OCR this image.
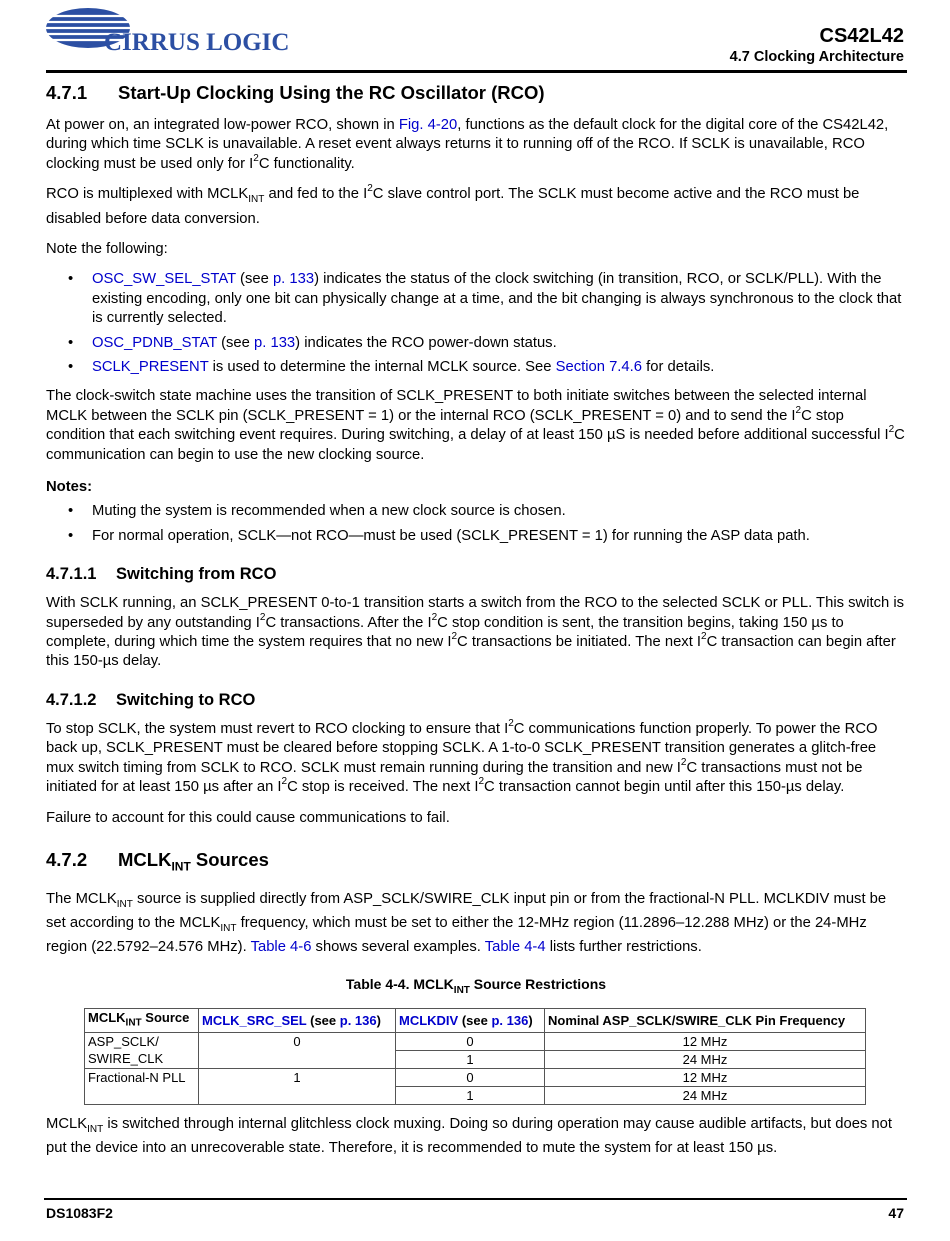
CIRRUS LOGIC	CS42L42
4.7 Clocking Architecture
4.7.1 Start-Up Clocking Using the RC Oscillator (RCO)

At power on, an integrated low-power RCO, shown in Fig. 4-20, functions as the default clock for the digital core of the CS42L42, during which time SCLK is unavailable. A reset event always returns it to running off of the RCO. If SCLK is unavailable, RCO clocking must be used only for $I^2C$ functionality.

RCO is multiplexed with $MCLK_{INT}$ and fed to the $I^2C$ slave control port. The SCLK must become active and the RCO must be disabled before data conversion.

Note the following:

• OSC_SW_SEL_STAT (see p. 133) indicates the status of the clock switching (in transition, RCO, or SCLK/PLL). With the existing encoding, only one bit can physically change at a time, and the bit changing is always synchronous to the clock that is currently selected.
• OSC_PDNB_STAT (see p. 133) indicates the RCO power-down status.
• SCLK_PRESENT is used to determine the internal MCLK source. See Section 7.4.6 for details.

The clock-switch state machine uses the transition of SCLK_PRESENT to both initiate switches between the selected internal MCLK between the SCLK pin (SCLK_PRESENT = 1) or the internal RCO (SCLK_PRESENT = 0) and to send the $I^2C$ stop condition that each switching event requires. During switching, a delay of at least 150 µS is needed before additional successful $I^2C$ communication can begin to use the new clocking source.

Notes:

• Muting the system is recommended when a new clock source is chosen.
• For normal operation, SCLK—not RCO—must be used (SCLK_PRESENT = 1) for running the ASP data path.
4.7.1.1 Switching from RCO

With SCLK running, an SCLK_PRESENT 0-to-1 transition starts a switch from the RCO to the selected SCLK or PLL. This switch is superseded by any outstanding $I^2C$ transactions. After the $I^2C$ stop condition is sent, the transition begins, taking 150 µs to complete, during which time the system requires that no new $I^2C$ transactions be initiated. The next $I^2C$ transaction can begin after this 150-µs delay.

4.7.1.2 Switching to RCO

To stop SCLK, the system must revert to RCO clocking to ensure that $I^2C$ communications function properly. To power the RCO back up, SCLK_PRESENT must be cleared before stopping SCLK. A 1-to-0 SCLK_PRESENT transition generates a glitch-free mux switch timing from SCLK to RCO. SCLK must remain running during the transition and new $I^2C$ transactions must not be initiated for at least 150 µs after an $I^2C$ stop is received. The next $I^2C$ transaction cannot begin until after this 150-µs delay.

Failure to account for this could cause communications to fail.

4.7.2 $MCLK_{INT}$ Sources

The $MCLK_{INT}$ source is supplied directly from ASP_SCLK/SWIRE_CLK input pin or from the fractional-N PLL. MCLKDIV must be set according to the $MCLK_{INT}$ frequency, which must be set to either the 12-MHz region (11.2896–12.288 MHz) or the 24-MHz region (22.5792–24.576 MHz). Table 4-6 shows several examples. Table 4-4 lists further restrictions.

Table 4-4. $MCLK_{INT}$ Source Restrictions

$MCLK_{INT}$ Source	MCLK_SRC_SEL (see p. 136)	MCLKDIV (see p. 136)	Nominal ASP_SCLK/SWIRE_CLK Pin Frequency
ASP_SCLK/
SWIRE_CLK	0	0	12 MHz
		1	24 MHz
Fractional-N PLL	1	0	12 MHz
		1	24 MHz

$MCLK_{INT}$ is switched through internal glitchless clock muxing. Doing so during operation may cause audible artifacts, but does not put the device into an unrecoverable state. Therefore, it is recommended to mute the system for at least 150 µs.

DS1083F2	47
